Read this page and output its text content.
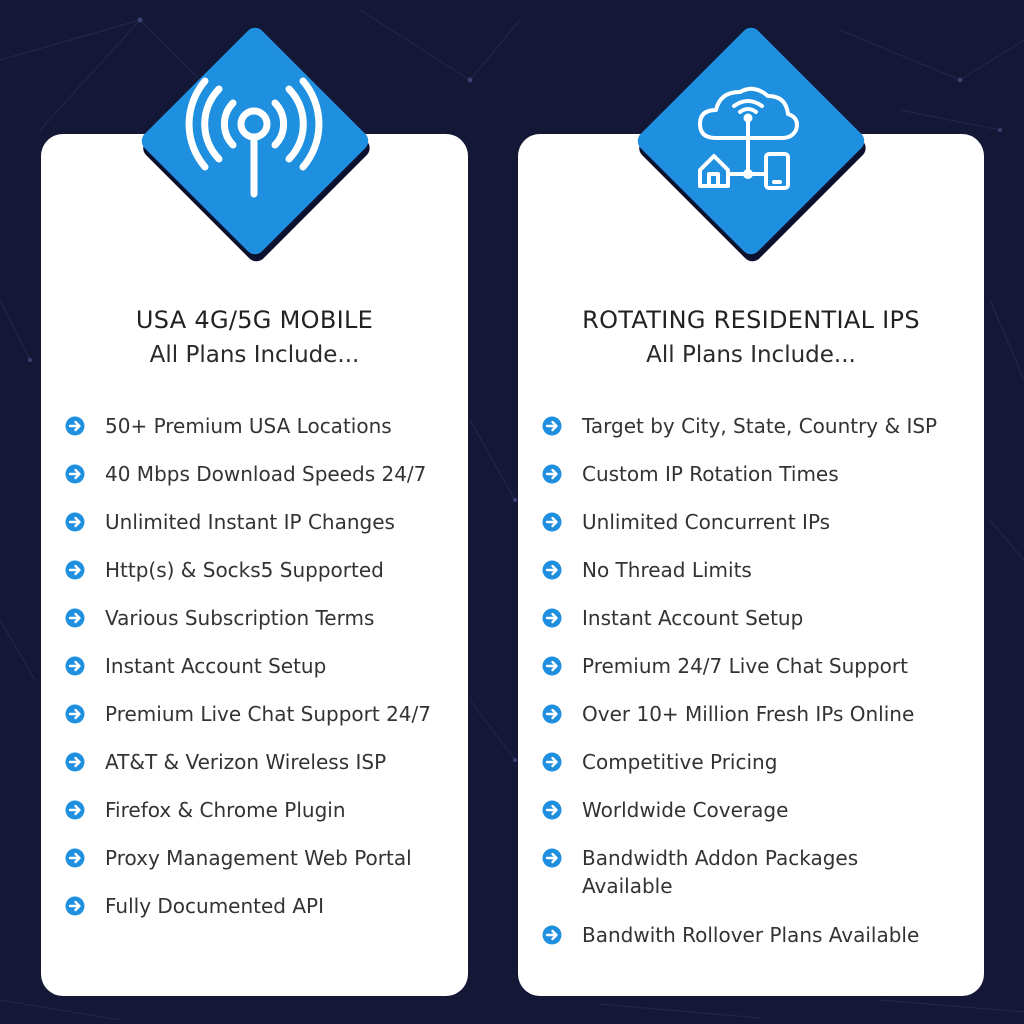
USA 4G/5G MOBILE
All Plans Include...
50+ Premium USA Locations
40 Mbps Download Speeds 24/7
Unlimited Instant IP Changes
Http(s) & Socks5 Supported
Various Subscription Terms
Instant Account Setup
Premium Live Chat Support 24/7
AT&T & Verizon Wireless ISP
Firefox & Chrome Plugin
Proxy Management Web Portal
Fully Documented API
ROTATING RESIDENTIAL IPS
All Plans Include...
Target by City, State, Country & ISP
Custom IP Rotation Times
Unlimited Concurrent IPs
No Thread Limits
Instant Account Setup
Premium 24/7 Live Chat Support
Over 10+ Million Fresh IPs Online
Competitive Pricing
Worldwide Coverage
Bandwidth Addon Packages Available
Bandwith Rollover Plans Available
